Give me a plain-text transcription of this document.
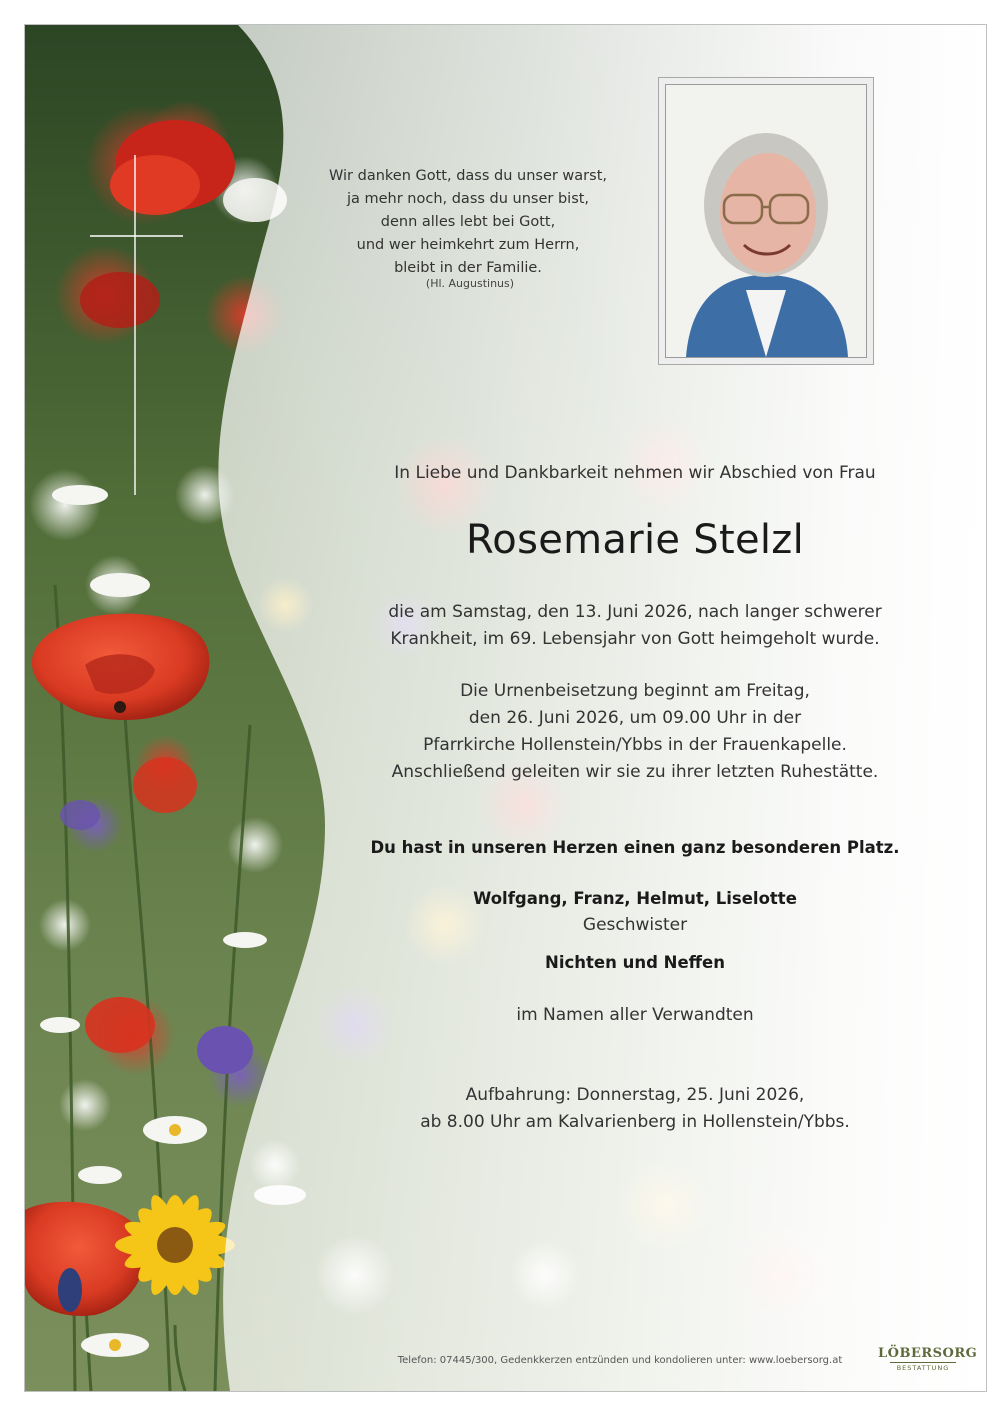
Wir danken Gott, dass du unser warst,
ja mehr noch, dass du unser bist,
denn alles lebt bei Gott,
und wer heimkehrt zum Herrn,
bleibt in der Familie.
(Hl. Augustinus)
In Liebe und Dankbarkeit nehmen wir Abschied von Frau
Rosemarie Stelzl
die am Samstag, den 13. Juni 2026, nach langer schwerer
Krankheit, im 69. Lebensjahr von Gott heimgeholt wurde.
Die Urnenbeisetzung beginnt am Freitag,
den 26. Juni 2026, um 09.00 Uhr in der
Pfarrkirche Hollenstein/Ybbs in der Frauenkapelle.
Anschließend geleiten wir sie zu ihrer letzten Ruhestätte.
Du hast in unseren Herzen einen ganz besonderen Platz.
Wolfgang, Franz, Helmut, Liselotte
Geschwister
Nichten und Neffen
im Namen aller Verwandten
Aufbahrung: Donnerstag, 25. Juni 2026,
ab 8.00 Uhr am Kalvarienberg in Hollenstein/Ybbs.
Telefon: 07445/300, Gedenkkerzen entzünden und kondolieren unter: www.loebersorg.at	LÖBERSORG
BESTATTUNG
